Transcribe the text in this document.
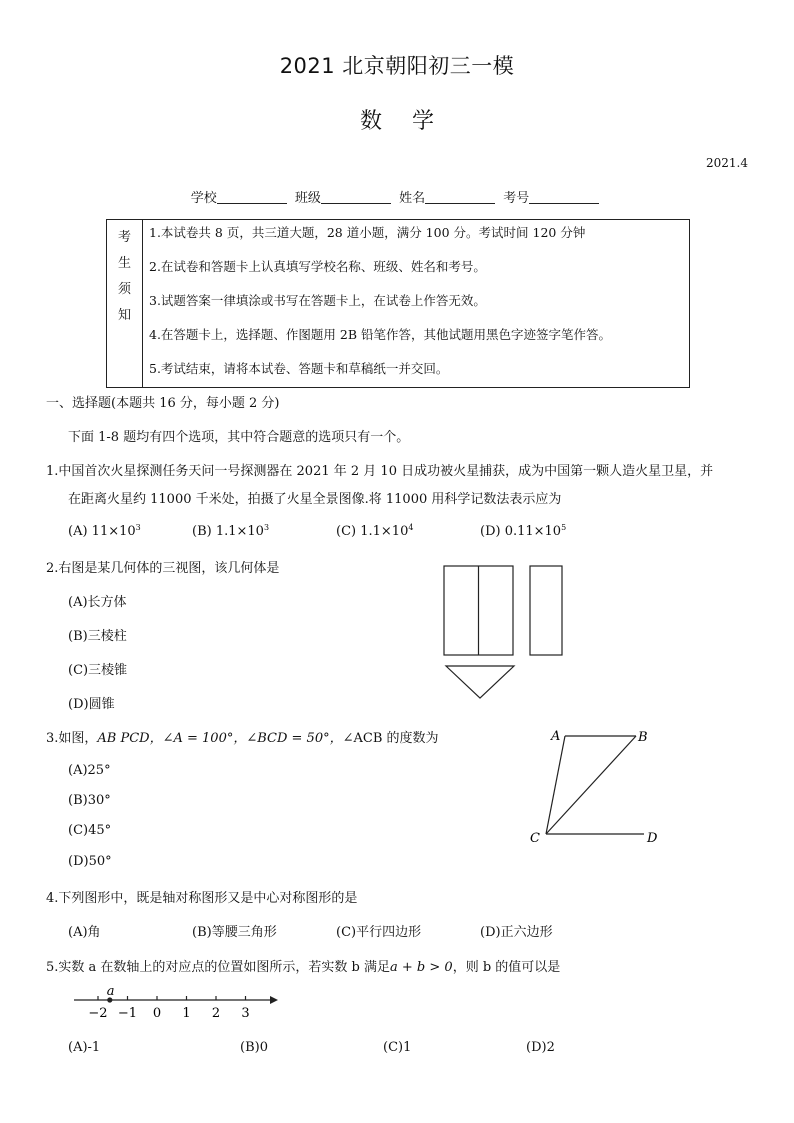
2021 北京朝阳初三一模
数学
2021.4
学校	班级	姓名	考号
考
生
须
知
1.本试卷共 8 页，共三道大题，28 道小题，满分 100 分。考试时间 120 分钟
2.在试卷和答题卡上认真填写学校名称、班级、姓名和考号。
3.试题答案一律填涂或书写在答题卡上，在试卷上作答无效。
4.在答题卡上，选择题、作图题用 2B 铅笔作答，其他试题用黑色字迹签字笔作答。
5.考试结束，请将本试卷、答题卡和草稿纸一并交回。
一、选择题(本题共 16 分，每小题 2 分)
下面 1-8 题均有四个选项，其中符合题意的选项只有一个。
1.中国首次火星探测任务天问一号探测器在 2021 年 2 月 10 日成功被火星捕获，成为中国第一颗人造火星卫星，并
在距离火星约 11000 千米处，拍摄了火星全景图像.将 11000 用科学记数法表示应为
(A) $11\times 10^3$	(B) $1.1\times 10^3$	(C) $1.1\times 10^4$	(D) $0.11\times 10^5$
2.右图是某几何体的三视图，该几何体是
(A)长方体
(B)三棱柱
(C)三棱锥
(D)圆锥
3.如图，AB PCD，∠A = 100°，∠BCD = 50°，∠ACB 的度数为
(A)25°
(B)30°
(C)45°
(D)50°
A	B
C	D
4.下列图形中，既是轴对称图形又是中心对称图形的是
(A)角	(B)等腰三角形	(C)平行四边形	(D)正六边形
5.实数 a 在数轴上的对应点的位置如图所示，若实数 b 满足a + b > 0，则 b 的值可以是
−2 −1 0 1 2 3
a
(A)-1	(B)0	(C)1	(D)2
